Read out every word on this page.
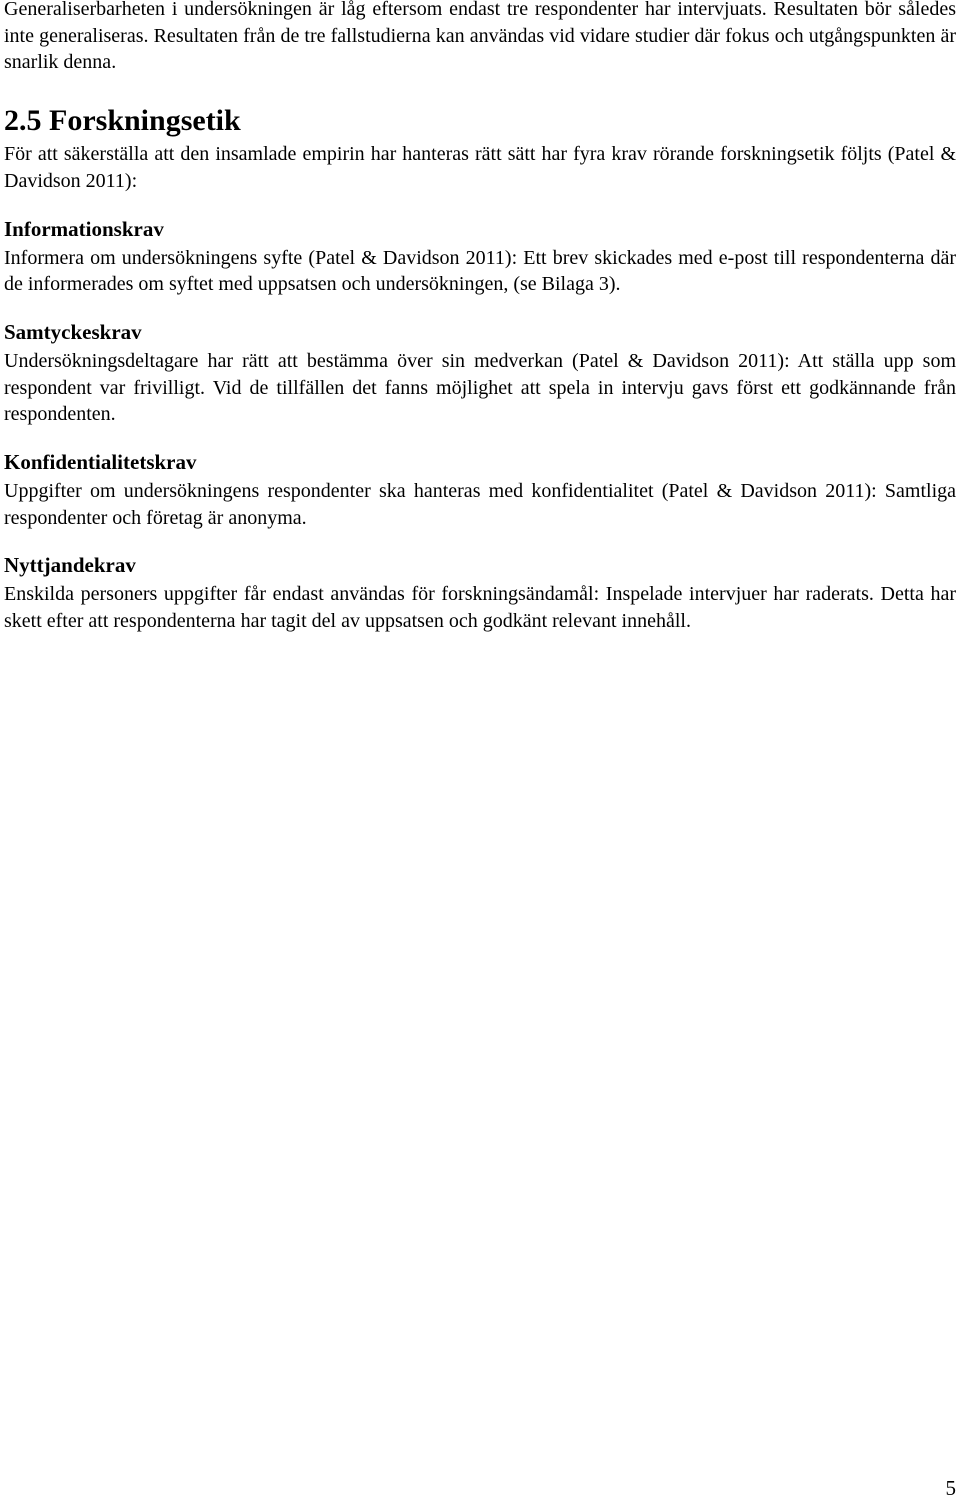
Generaliserbarheten i undersökningen är låg eftersom endast tre respondenter har intervjuats. Resultaten bör således inte generaliseras. Resultaten från de tre fallstudierna kan användas vid vidare studier där fokus och utgångspunkten är snarlik denna.

2.5 Forskningsetik

För att säkerställa att den insamlade empirin har hanteras rätt sätt har fyra krav rörande forskningsetik följts (Patel & Davidson 2011):

Informationskrav

Informera om undersökningens syfte (Patel & Davidson 2011): Ett brev skickades med e-post till respondenterna där de informerades om syftet med uppsatsen och undersökningen, (se Bilaga 3).

Samtyckeskrav

Undersökningsdeltagare har rätt att bestämma över sin medverkan (Patel & Davidson 2011): Att ställa upp som respondent var frivilligt. Vid de tillfällen det fanns möjlighet att spela in intervju gavs först ett godkännande från respondenten.

Konfidentialitetskrav

Uppgifter om undersökningens respondenter ska hanteras med konfidentialitet (Patel & Davidson 2011): Samtliga respondenter och företag är anonyma.

Nyttjandekrav

Enskilda personers uppgifter får endast användas för forskningsändamål: Inspelade intervjuer har raderats. Detta har skett efter att respondenterna har tagit del av uppsatsen och godkänt relevant innehåll.

5
